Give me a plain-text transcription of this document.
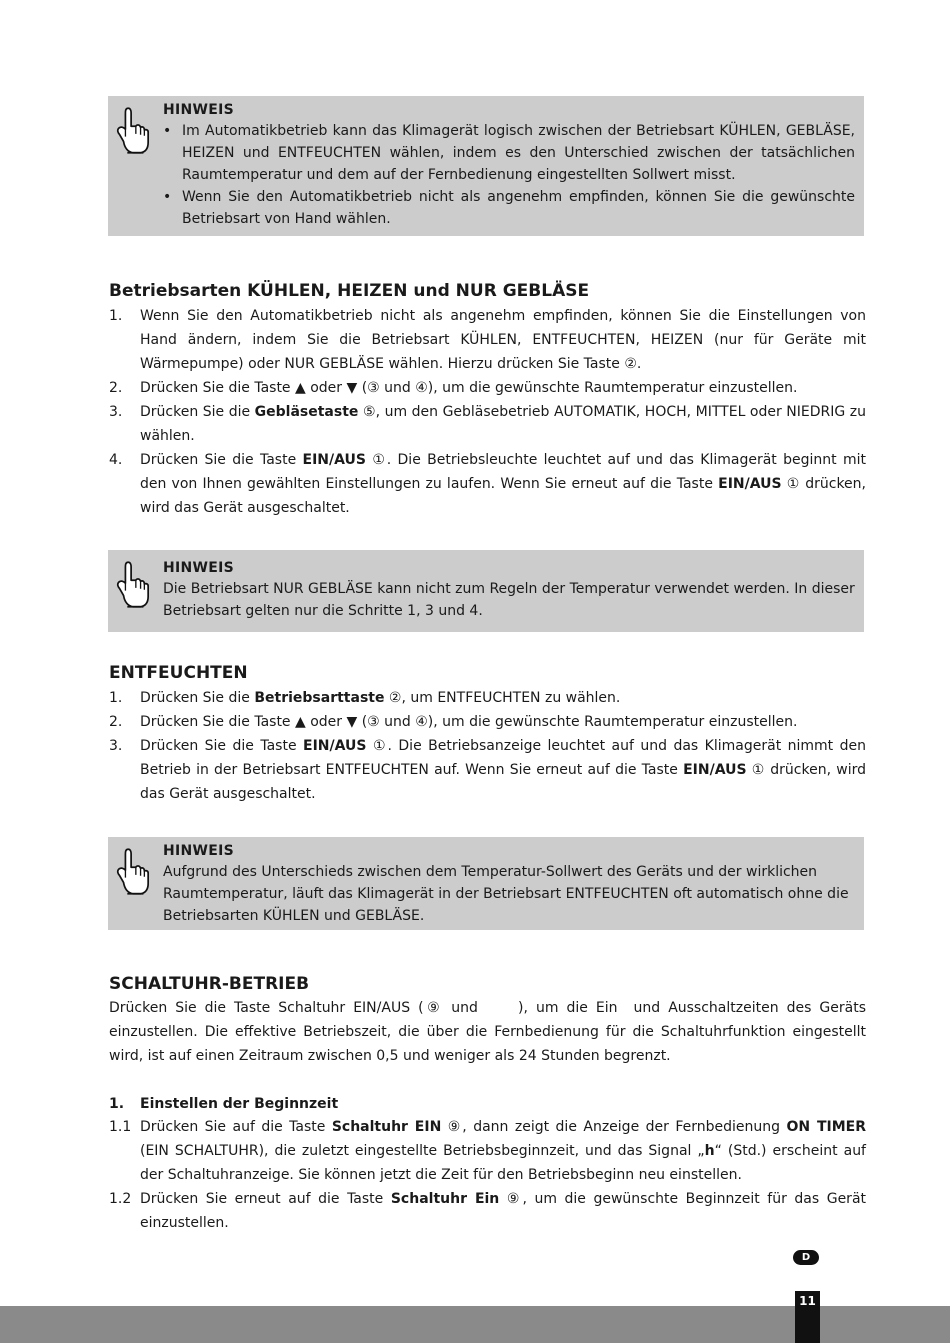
HINWEIS
• Im Automatikbetrieb kann das Klimagerät logisch zwischen der Betriebsart KÜHLEN, GEBLÄSE, HEIZEN und ENTFEUCHTEN wählen, indem es den Unterschied zwischen der tatsächlichen Raumtemperatur und dem auf der Fernbedienung eingestellten Sollwert misst.
• Wenn Sie den Automatikbetrieb nicht als angenehm empfinden, können Sie die gewünschte Betriebsart von Hand wählen.
Betriebsarten KÜHLEN, HEIZEN und NUR GEBLÄSE
1. Wenn Sie den Automatikbetrieb nicht als angenehm empfinden, können Sie die Einstellungen von Hand ändern, indem Sie die Betriebsart KÜHLEN, ENTFEUCHTEN, HEIZEN (nur für Geräte mit Wärmepumpe) oder NUR GEBLÄSE wählen. Hierzu drücken Sie Taste ②.
2. Drücken Sie die Taste ▲ oder ▼ (③ und ④), um die gewünschte Raumtemperatur einzustellen.
3. Drücken Sie die Gebläsetaste ⑤, um den Gebläsebetrieb AUTOMATIK, HOCH, MITTEL oder NIEDRIG zu wählen.
4. Drücken Sie die Taste EIN/AUS ①. Die Betriebsleuchte leuchtet auf und das Klimagerät beginnt mit den von Ihnen gewählten Einstellungen zu laufen. Wenn Sie erneut auf die Taste EIN/AUS ① drücken, wird das Gerät ausgeschaltet.
HINWEIS
Die Betriebsart NUR GEBLÄSE kann nicht zum Regeln der Temperatur verwendet werden. In dieser Betriebsart gelten nur die Schritte 1, 3 und 4.
ENTFEUCHTEN
1. Drücken Sie die Betriebsarttaste ②, um ENTFEUCHTEN zu wählen.
2. Drücken Sie die Taste ▲ oder ▼ (③ und ④), um die gewünschte Raumtemperatur einzustellen.
3. Drücken Sie die Taste EIN/AUS ①. Die Betriebsanzeige leuchtet auf und das Klimagerät nimmt den Betrieb in der Betriebsart ENTFEUCHTEN auf. Wenn Sie erneut auf die Taste EIN/AUS ① drücken, wird das Gerät ausgeschaltet.
HINWEIS
Aufgrund des Unterschieds zwischen dem Temperatur-Sollwert des Geräts und der wirklichen Raumtemperatur, läuft das Klimagerät in der Betriebsart ENTFEUCHTEN oft automatisch ohne die Betriebsarten KÜHLEN und GEBLÄSE.
SCHALTUHR-BETRIEB
Drücken Sie die Taste Schaltuhr EIN/AUS (⑨ und     ), um die Ein  und Ausschaltzeiten des Geräts einzustellen. Die effektive Betriebszeit, die über die Fernbedienung für die Schaltuhrfunktion eingestellt wird, ist auf einen Zeitraum zwischen 0,5 und weniger als 24 Stunden begrenzt.
1. Einstellen der Beginnzeit
1.1 Drücken Sie auf die Taste Schaltuhr EIN ⑨, dann zeigt die Anzeige der Fernbedienung ON TIMER (EIN SCHALTUHR), die zuletzt eingestellte Betriebsbeginnzeit, und das Signal „h“ (Std.) erscheint auf der Schaltuhranzeige. Sie können jetzt die Zeit für den Betriebsbeginn neu einstellen.
1.2 Drücken Sie erneut auf die Taste Schaltuhr Ein ⑨, um die gewünschte Beginnzeit für das Gerät einzustellen.
D
11
